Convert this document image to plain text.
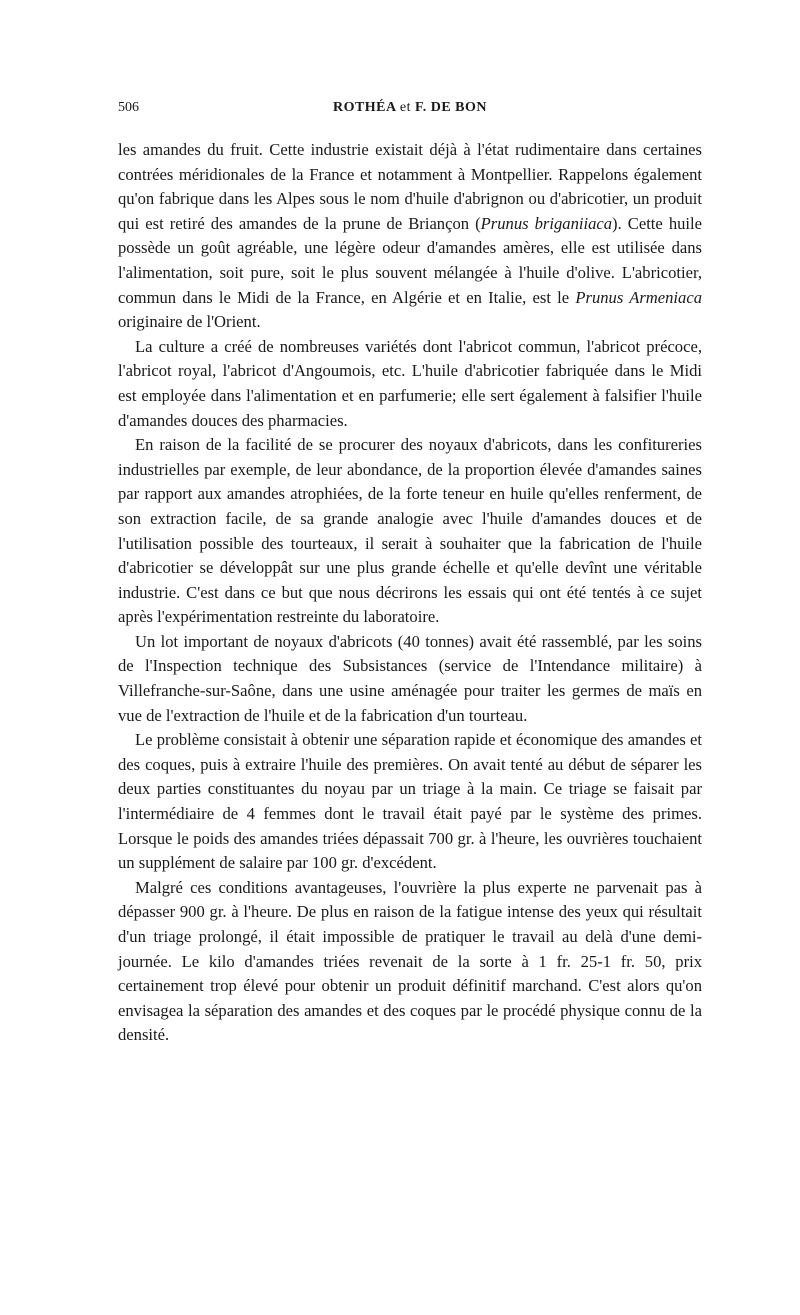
506	ROTHÉA et F. DE BON

les amandes du fruit. Cette industrie existait déjà à l'état rudimentaire dans certaines contrées méridionales de la France et notamment à Montpellier. Rappelons également qu'on fabrique dans les Alpes sous le nom d'huile d'abrignon ou d'abricotier, un produit qui est retiré des amandes de la prune de Briançon (Prunus briganiiaca). Cette huile possède un goût agréable, une légère odeur d'amandes amères, elle est utilisée dans l'alimentation, soit pure, soit le plus souvent mélangée à l'huile d'olive. L'abricotier, commun dans le Midi de la France, en Algérie et en Italie, est le Prunus Armeniaca originaire de l'Orient.

La culture a créé de nombreuses variétés dont l'abricot commun, l'abricot précoce, l'abricot royal, l'abricot d'Angoumois, etc. L'huile d'abricotier fabriquée dans le Midi est employée dans l'alimentation et en parfumerie; elle sert également à falsifier l'huile d'amandes douces des pharmacies.

En raison de la facilité de se procurer des noyaux d'abricots, dans les confitureries industrielles par exemple, de leur abondance, de la proportion élevée d'amandes saines par rapport aux amandes atrophiées, de la forte teneur en huile qu'elles renferment, de son extraction facile, de sa grande analogie avec l'huile d'amandes douces et de l'utilisation possible des tourteaux, il serait à souhaiter que la fabrication de l'huile d'abricotier se développât sur une plus grande échelle et qu'elle devînt une véritable industrie. C'est dans ce but que nous décrirons les essais qui ont été tentés à ce sujet après l'expérimentation restreinte du laboratoire.

Un lot important de noyaux d'abricots (40 tonnes) avait été rassemblé, par les soins de l'Inspection technique des Subsistances (service de l'Intendance militaire) à Villefranche-sur-Saône, dans une usine aménagée pour traiter les germes de maïs en vue de l'extraction de l'huile et de la fabrication d'un tourteau.

Le problème consistait à obtenir une séparation rapide et économique des amandes et des coques, puis à extraire l'huile des premières. On avait tenté au début de séparer les deux parties constituantes du noyau par un triage à la main. Ce triage se faisait par l'intermédiaire de 4 femmes dont le travail était payé par le système des primes. Lorsque le poids des amandes triées dépassait 700 gr. à l'heure, les ouvrières touchaient un supplément de salaire par 100 gr. d'excédent.

Malgré ces conditions avantageuses, l'ouvrière la plus experte ne parvenait pas à dépasser 900 gr. à l'heure. De plus en raison de la fatigue intense des yeux qui résultait d'un triage prolongé, il était impossible de pratiquer le travail au delà d'une demi-journée. Le kilo d'amandes triées revenait de la sorte à 1 fr. 25-1 fr. 50, prix certainement trop élevé pour obtenir un produit définitif marchand. C'est alors qu'on envisagea la séparation des amandes et des coques par le procédé physique connu de la densité.
